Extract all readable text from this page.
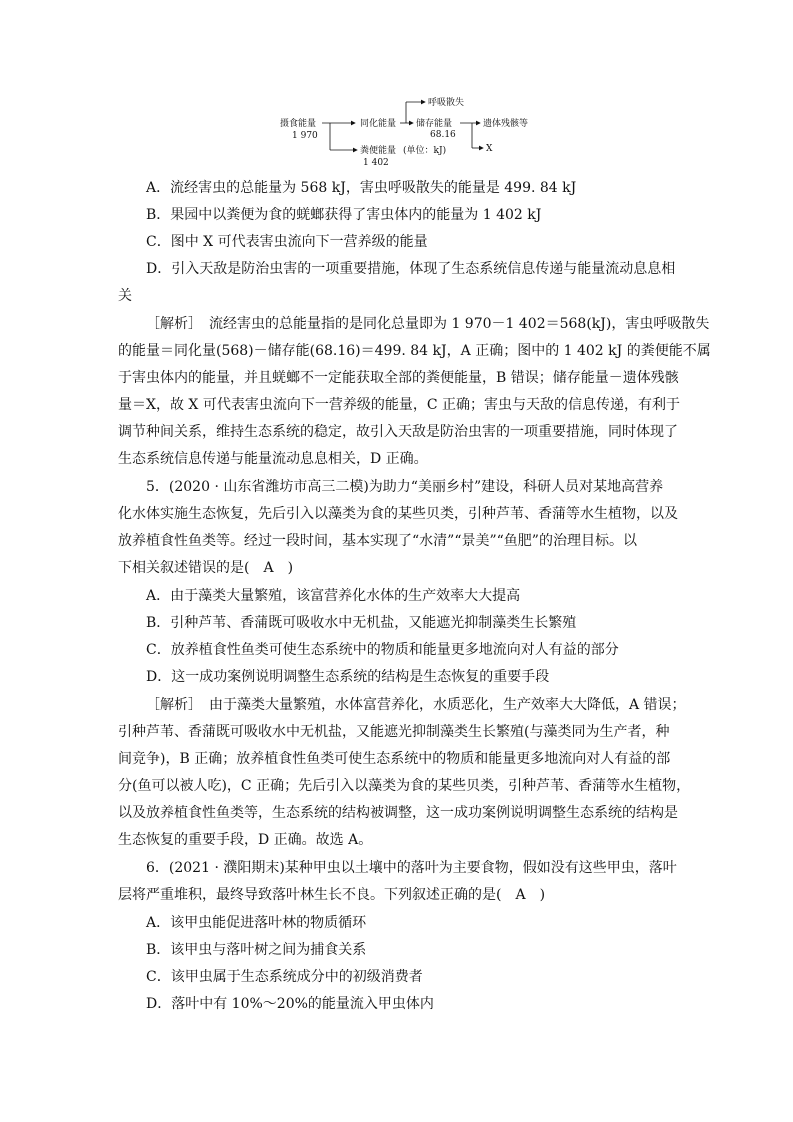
摄食能量
1 970
同化能量
呼吸散失
储存能量
68.16
遗体残骸等
X
粪便能量 (单位：kJ)
1 402
A．流经害虫的总能量为 568 kJ，害虫呼吸散失的能量是 499. 84 kJ
B．果园中以粪便为食的蜣螂获得了害虫体内的能量为 1 402 kJ
C．图中 X 可代表害虫流向下一营养级的能量
D．引入天敌是防治虫害的一项重要措施，体现了生态系统信息传递与能量流动息息相
关
［解析］　流经害虫的总能量指的是同化总量即为 1 970－1 402＝568(kJ)，害虫呼吸散失
的能量＝同化量(568)－储存能(68.16)＝499. 84 kJ，A 正确；图中的 1 402 kJ 的粪便能不属
于害虫体内的能量，并且蜣螂不一定能获取全部的粪便能量，B 错误；储存能量－遗体残骸
量＝X，故 X 可代表害虫流向下一营养级的能量，C 正确；害虫与天敌的信息传递，有利于
调节种间关系，维持生态系统的稳定，故引入天敌是防治虫害的一项重要措施，同时体现了
生态系统信息传递与能量流动息息相关，D 正确。
5．(2020 · 山东省潍坊市高三二模)为助力“美丽乡村”建设，科研人员对某地高营养
化水体实施生态恢复，先后引入以藻类为食的某些贝类，引种芦苇、香蒲等水生植物，以及
放养植食性鱼类等。经过一段时间，基本实现了“水清”“景美”“鱼肥”的治理目标。以
下相关叙述错误的是(　A　)
A．由于藻类大量繁殖，该富营养化水体的生产效率大大提高
B．引种芦苇、香蒲既可吸收水中无机盐，又能遮光抑制藻类生长繁殖
C．放养植食性鱼类可使生态系统中的物质和能量更多地流向对人有益的部分
D．这一成功案例说明调整生态系统的结构是生态恢复的重要手段
［解析］　由于藻类大量繁殖，水体富营养化，水质恶化，生产效率大大降低，A 错误；
引种芦苇、香蒲既可吸收水中无机盐，又能遮光抑制藻类生长繁殖(与藻类同为生产者，种
间竞争)，B 正确；放养植食性鱼类可使生态系统中的物质和能量更多地流向对人有益的部
分(鱼可以被人吃)，C 正确；先后引入以藻类为食的某些贝类，引种芦苇、香蒲等水生植物，
以及放养植食性鱼类等，生态系统的结构被调整，这一成功案例说明调整生态系统的结构是
生态恢复的重要手段，D 正确。故选 A。
6．(2021 · 濮阳期末)某种甲虫以土壤中的落叶为主要食物，假如没有这些甲虫，落叶
层将严重堆积，最终导致落叶林生长不良。下列叙述正确的是(　A　)
A．该甲虫能促进落叶林的物质循环
B．该甲虫与落叶树之间为捕食关系
C．该甲虫属于生态系统成分中的初级消费者
D．落叶中有 10%～20%的能量流入甲虫体内
